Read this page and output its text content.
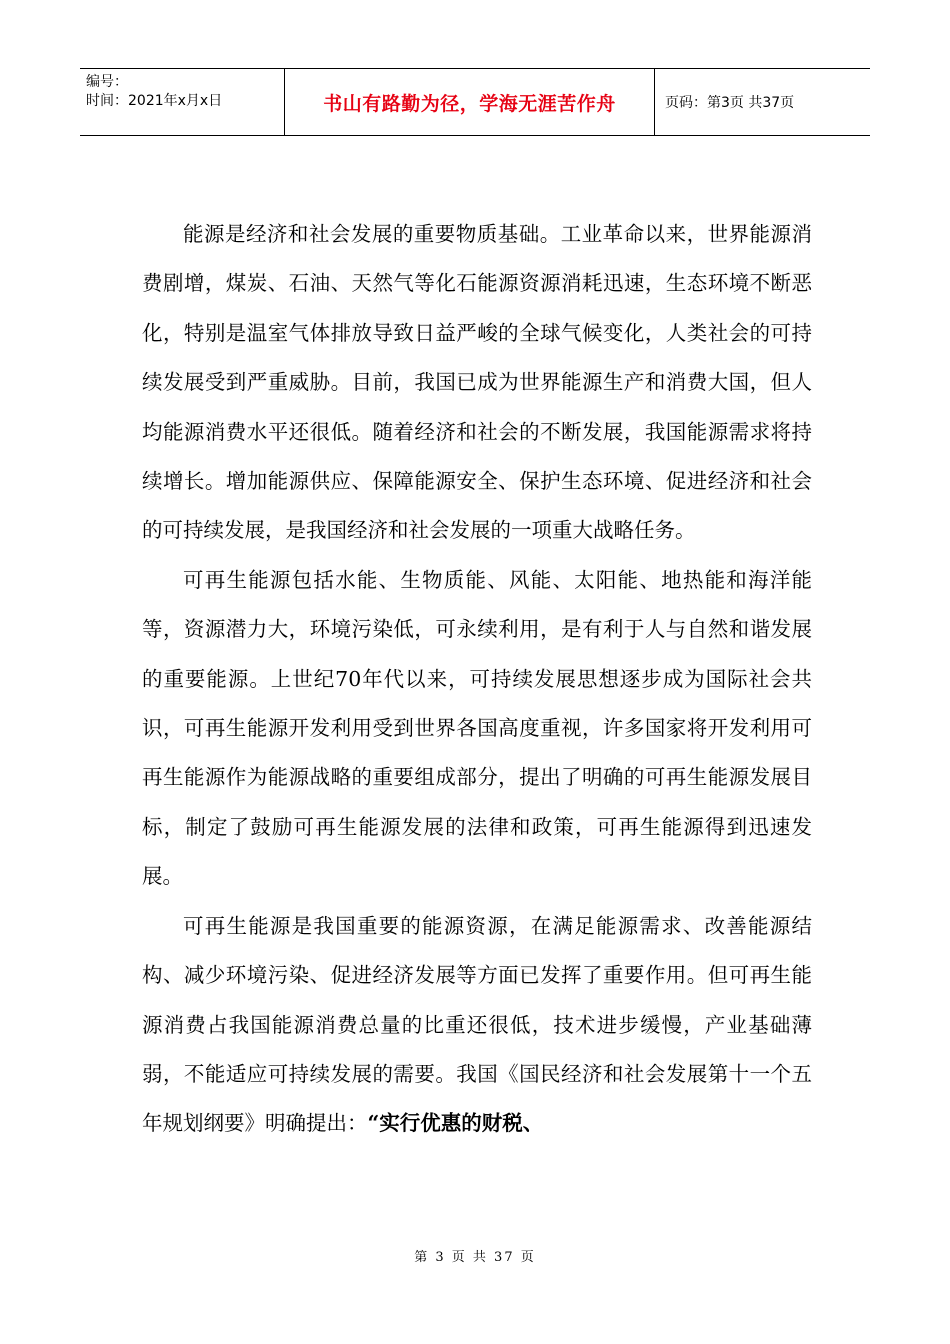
编号：
时间：2021年x月x日	书山有路勤为径，学海无涯苦作舟	页码：第3页 共37页

能源是经济和社会发展的重要物质基础。工业革命以来，世界能源消费剧增，煤炭、石油、天然气等化石能源资源消耗迅速，生态环境不断恶化，特别是温室气体排放导致日益严峻的全球气候变化，人类社会的可持续发展受到严重威胁。目前，我国已成为世界能源生产和消费大国，但人均能源消费水平还很低。随着经济和社会的不断发展，我国能源需求将持续增长。增加能源供应、保障能源安全、保护生态环境、促进经济和社会的可持续发展，是我国经济和社会发展的一项重大战略任务。

可再生能源包括水能、生物质能、风能、太阳能、地热能和海洋能等，资源潜力大，环境污染低，可永续利用，是有利于人与自然和谐发展的重要能源。上世纪70年代以来，可持续发展思想逐步成为国际社会共识，可再生能源开发利用受到世界各国高度重视，许多国家将开发利用可再生能源作为能源战略的重要组成部分，提出了明确的可再生能源发展目标，制定了鼓励可再生能源发展的法律和政策，可再生能源得到迅速发展。

可再生能源是我国重要的能源资源，在满足能源需求、改善能源结构、减少环境污染、促进经济发展等方面已发挥了重要作用。但可再生能源消费占我国能源消费总量的比重还很低，技术进步缓慢，产业基础薄弱，不能适应可持续发展的需要。我国《国民经济和社会发展第十一个五年规划纲要》明确提出：“实行优惠的财税、

第 3 页 共 37 页
